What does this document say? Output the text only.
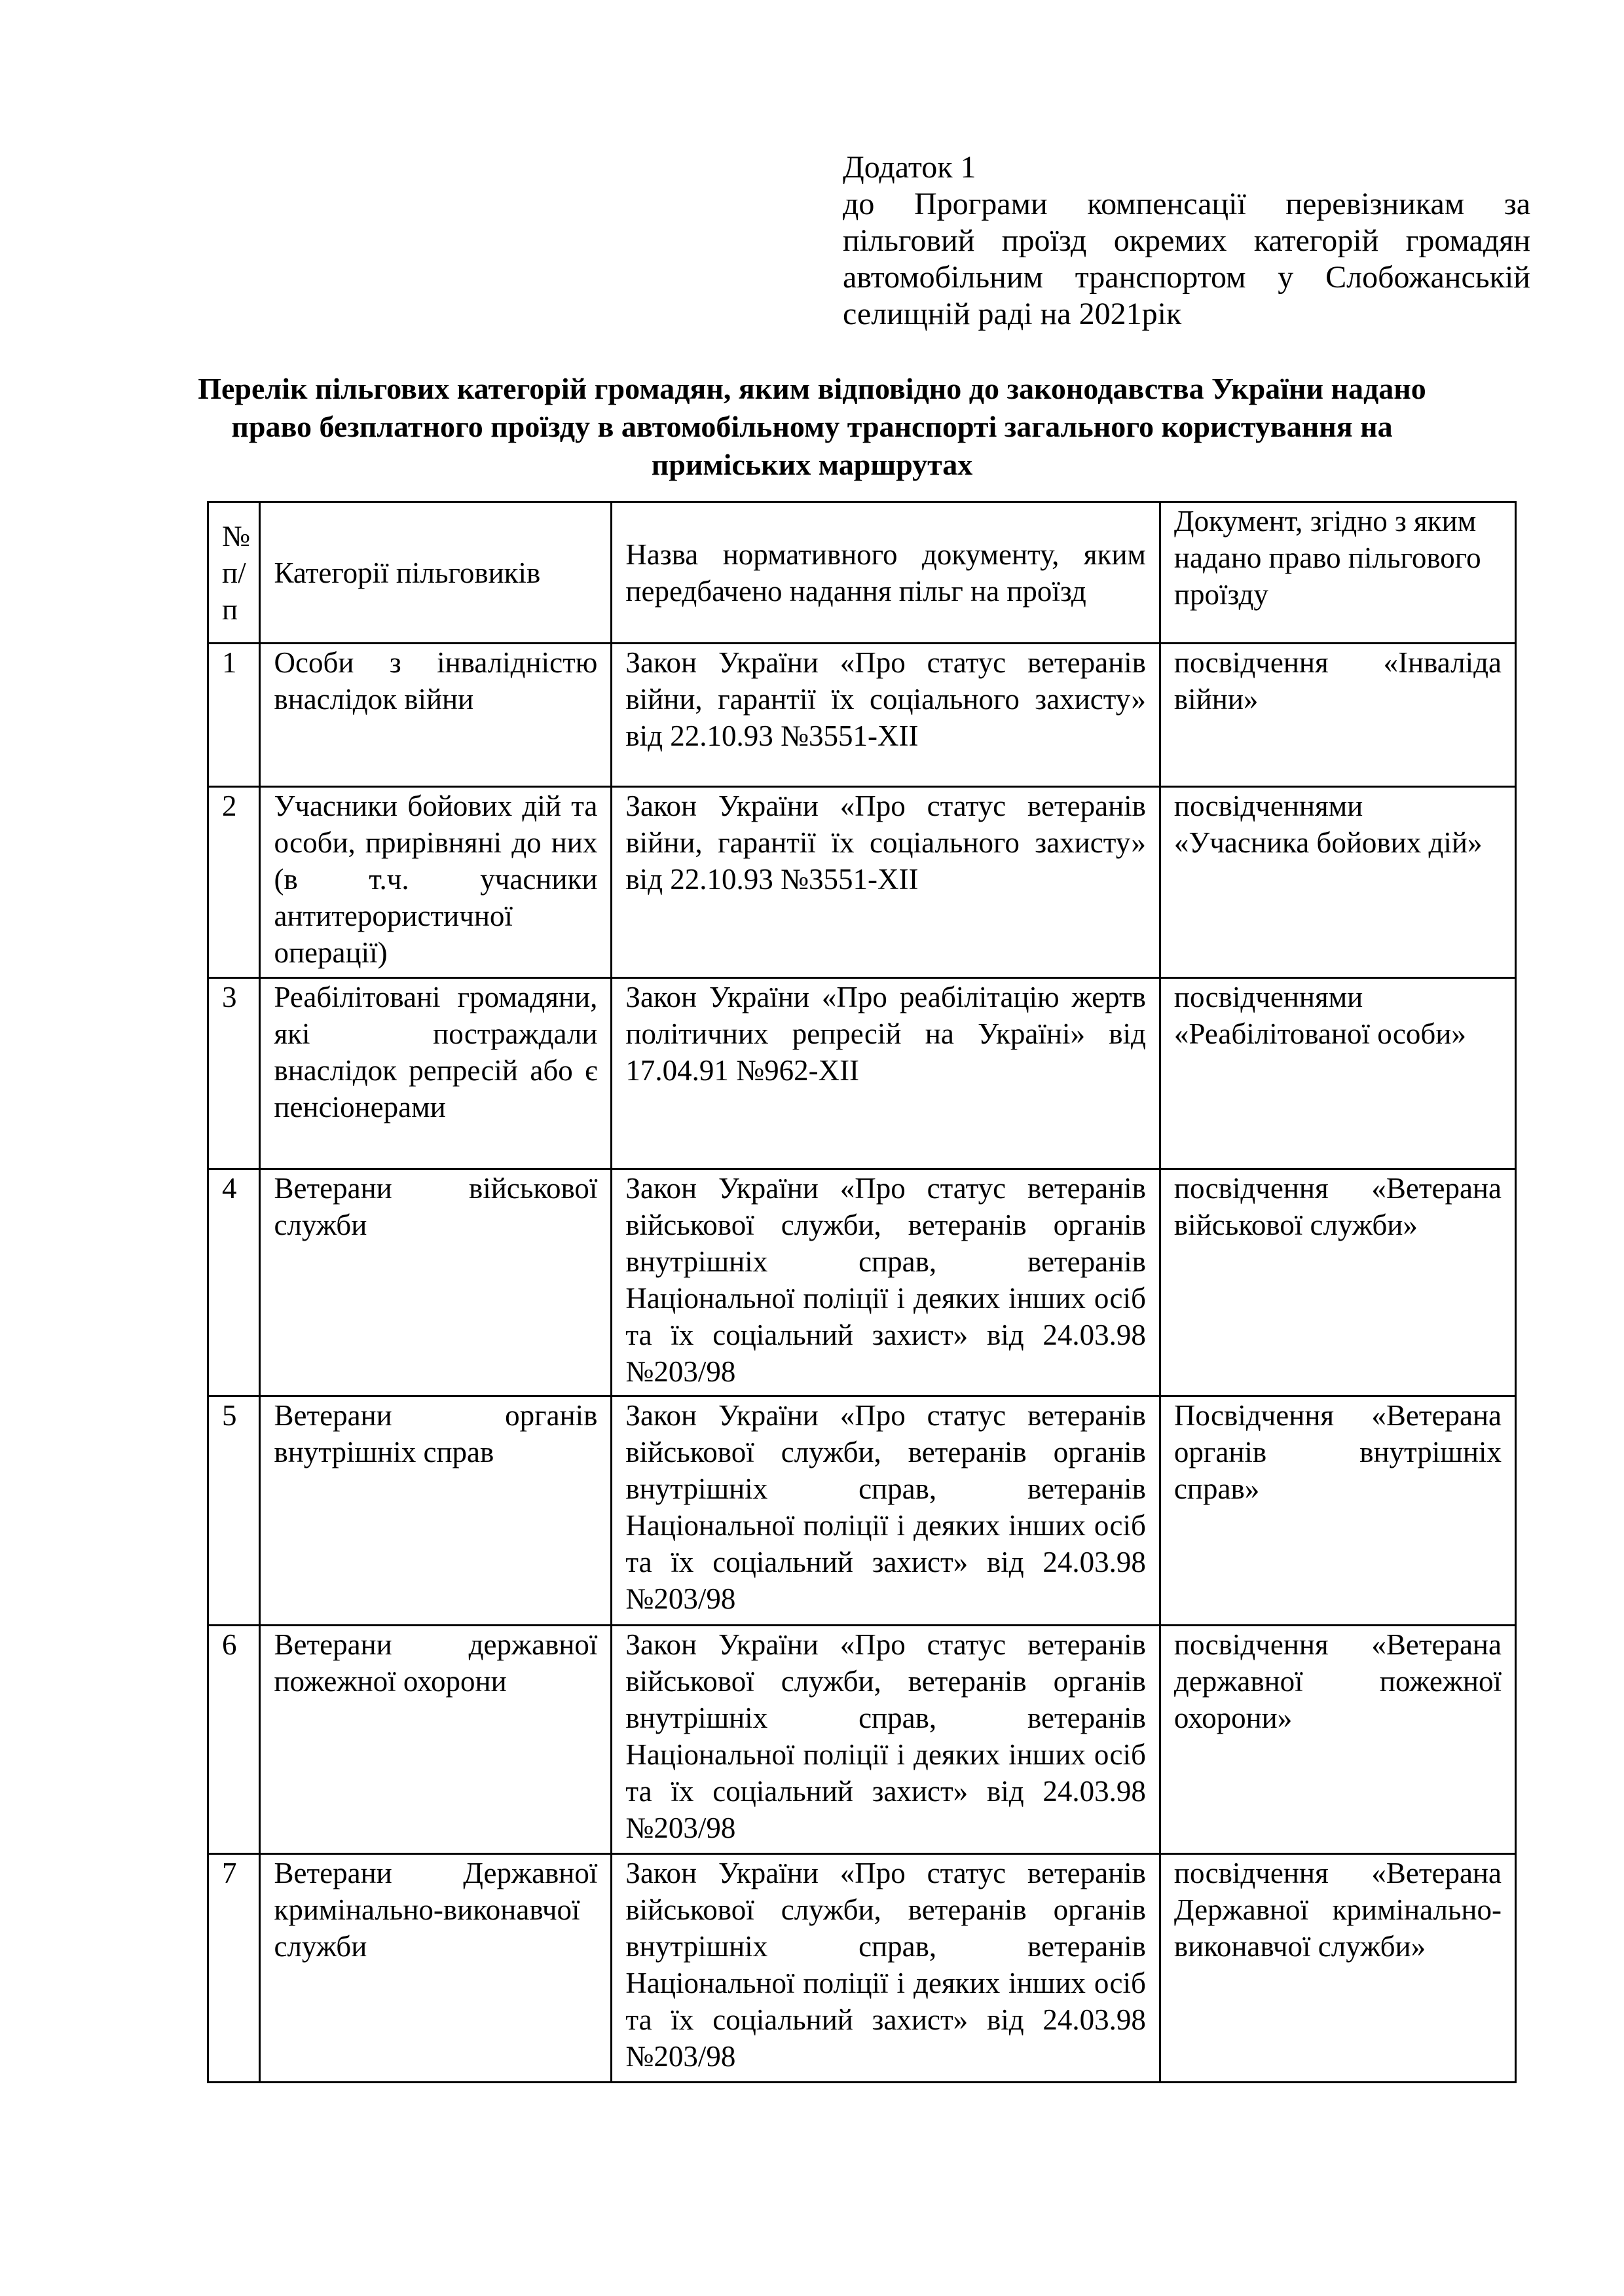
Додаток 1
до Програми компенсації перевізникам за пільговий проїзд окремих категорій громадян автомобільним транспортом у Слобожанській селищній раді на 2021рік
Перелік пільгових категорій громадян, яким відповідно до законодавства України надано право безплатного проїзду в автомобільному транспорті загального користування на приміських маршрутах
№ п/п	Категорії пільговиків	Назва нормативного документу, яким передбачено надання пільг на проїзд	Документ, згідно з яким надано право пільгового проїзду
1	Особи з інвалідністю внаслідок війни	Закон України «Про статус ветеранів війни, гарантії їх соціального захисту» від 22.10.93 №3551-XII	посвідчення «Інваліда війни»
2	Учасники бойових дій та особи, прирівняні до них (в т.ч. учасники антитерористичної операції)	Закон України «Про статус ветеранів війни, гарантії їх соціального захисту» від 22.10.93 №3551-XII	посвідченнями «Учасника бойових дій»
3	Реабілітовані громадяни, які постраждали внаслідок репресій або є пенсіонерами	Закон України «Про реабілітацію жертв політичних репресій на Україні» від 17.04.91 №962-XII	посвідченнями «Реабілітованої особи»
4	Ветерани військової служби	Закон України «Про статус ветеранів військової служби, ветеранів органів внутрішніх справ, ветеранів Національної поліції і деяких інших осіб та їх соціальний захист» від 24.03.98 №203/98	посвідчення «Ветерана військової служби»
5	Ветерани органів внутрішніх справ	Закон України «Про статус ветеранів військової служби, ветеранів органів внутрішніх справ, ветеранів Національної поліції і деяких інших осіб та їх соціальний захист» від 24.03.98 №203/98	Посвідчення «Ветерана органів внутрішніх справ»
6	Ветерани державної пожежної охорони	Закон України «Про статус ветеранів військової служби, ветеранів органів внутрішніх справ, ветеранів Національної поліції і деяких інших осіб та їх соціальний захист» від 24.03.98 №203/98	посвідчення «Ветерана державної пожежної охорони»
7	Ветерани Державної кримінально-виконавчої служби	Закон України «Про статус ветеранів військової служби, ветеранів органів внутрішніх справ, ветеранів Національної поліції і деяких інших осіб та їх соціальний захист» від 24.03.98 №203/98	посвідчення «Ветерана Державної кримінально-виконавчої служби»
